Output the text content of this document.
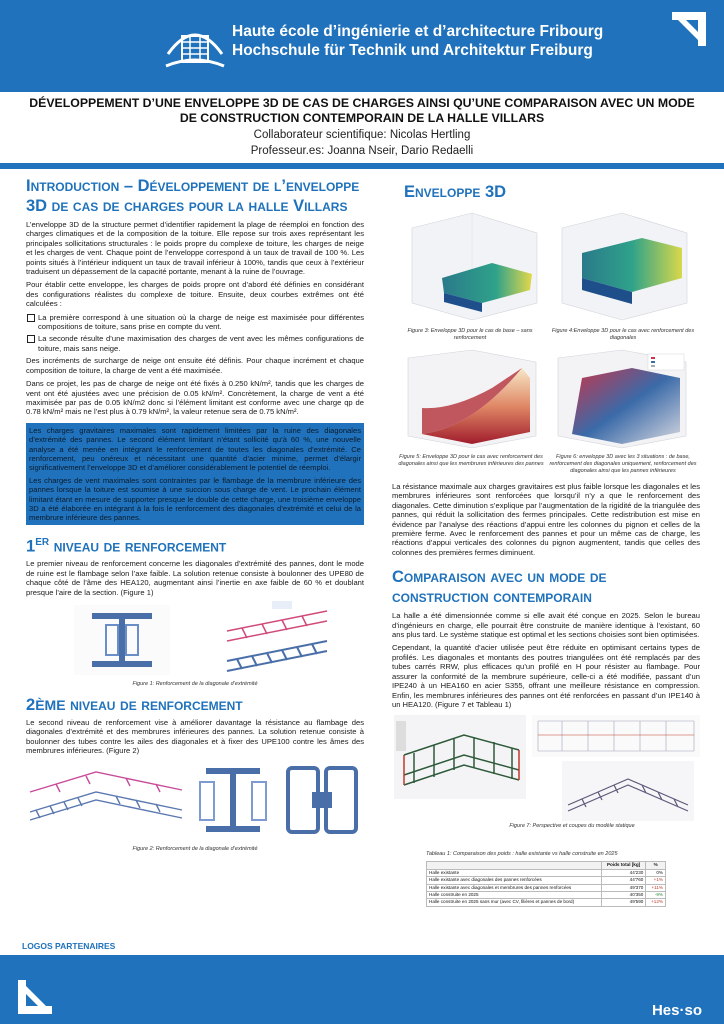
Haute école d’ingénierie et d’architecture Fribourg
Hochschule für Technik und Architektur Freiburg
DÉVELOPPEMENT D’UNE ENVELOPPE 3D DE CAS DE CHARGES AINSI QU’UNE COMPARAISON AVEC UN MODE DE CONSTRUCTION CONTEMPORAIN DE LA HALLE VILLARS
Collaborateur scientifique: Nicolas Hertling
Professeur.es: Joanna Nseir, Dario Redaelli
Introduction – Développement de l’enveloppe 3D de cas de charges pour la halle Villars
L’enveloppe 3D de la structure permet d’identifier rapidement la plage de réemploi en fonction des charges climatiques et de la composition de la toiture. Elle repose sur trois axes représentant les principales sollicitations structurales : le poids propre du complexe de toiture, les charges de neige et les charges de vent. Chaque point de l’enveloppe correspond à un taux de travail de 100 %. Les points situés à l’intérieur indiquent un taux de travail inférieur à 100%, tandis que ceux à l’extérieur traduisent un dépassement de la capacité portante, menant à la ruine de l’ouvrage.
Pour établir cette enveloppe, les charges de poids propre ont d’abord été définies en considérant des configurations réalistes du complexe de toiture. Ensuite, deux courbes extrêmes ont été calculées :
La première correspond à une situation où la charge de neige est maximisée pour différentes compositions de toiture, sans prise en compte du vent.
La seconde résulte d’une maximisation des charges de vent avec les mêmes configurations de toiture, mais sans neige.
Des incréments de surcharge de neige ont ensuite été définis. Pour chaque incrément et chaque composition de toiture, la charge de vent a été maximisée.
Dans ce projet, les pas de charge de neige ont été fixés à 0.250 kN/m², tandis que les charges de vent ont été ajustées avec une précision de 0.05 kN/m². Concrètement, la charge de vent a été maximisée par pas de 0.05 kN/m2 donc si l’élément limitant est conforme avec une charge qp de 0.78 kN/m² mais ne l’est plus à 0.79 kN/m², la valeur retenue sera de 0.75 kN/m².
Les charges gravitaires maximales sont rapidement limitées par la ruine des diagonales d’extrémité des pannes. Le second élément limitant n’étant sollicité qu’à 60 %, une nouvelle analyse a été menée en intégrant le renforcement de toutes les diagonales d’extrémité. Ce renforcement, peu onéreux et nécessitant une quantité d’acier minime, permet d’élargir significativement l’enveloppe 3D et d’améliorer considérablement le potentiel de réemploi.
Les charges de vent maximales sont contraintes par le flambage de la membrure inférieure des pannes lorsque la toiture est soumise à une succion sous charge de vent. Le prochain élément limitant étant en mesure de supporter presque le double de cette charge, une troisième enveloppe 3D a été élaborée en intégrant à la fois le renforcement des diagonales d’extrémité et celui de la membrure inférieure des pannes.
1ER niveau de renforcement
Le premier niveau de renforcement concerne les diagonales d’extrémité des pannes, dont le mode de ruine est le flambage selon l’axe faible. La solution retenue consiste à boulonner des UPE80 de chaque côté de l’âme des HEA120, augmentant ainsi l’inertie en axe faible de 60 % et doublant presque l’aire de la section. (Figure 1)
Figure 1: Renforcement de la diagonale d’extrémité
2ÈME niveau de renforcement
Le second niveau de renforcement vise à améliorer davantage la résistance au flambage des diagonales d’extrémité et des membrures inférieures des pannes. La solution retenue consiste à boulonner des tubes contre les ailes des diagonales et à fixer des UPE100 contre les âmes des membrures inférieures. (Figure 2)
Figure 2: Renforcement de la diagonale d’extrémité
Enveloppe 3D
Figure 3: Enveloppe 3D pour le cas de base – sans renforcement
Figure 4:Enveloppe 3D pour le cas avec renforcement des diagonales
Figure 5: Enveloppe 3D pour le cas avec renforcement des diagonales ainsi que les membrures inférieures des pannes
Figure 6: enveloppe 3D avec les 3 situations : de base, renforcement des diagonales uniquement, renforcement des diagonales ainsi que les pannes inférieures
La résistance maximale aux charges gravitaires est plus faible lorsque les diagonales et les membrures inférieures sont renforcées que lorsqu’il n’y a que le renforcement des diagonales. Cette diminution s’explique par l’augmentation de la rigidité de la triangulée des pannes, qui réduit la sollicitation des fermes principales. Cette redistribution est mise en évidence par l’analyse des réactions d’appui entre les colonnes du pignon et celles de la première ferme. Avec le renforcement des pannes et pour un même cas de charge, les réactions d’appui verticales des colonnes du pignon augmentent, tandis que celles des colonnes des premières fermes diminuent.
Comparaison avec un mode de construction contemporain
La halle a été dimensionnée comme si elle avait été conçue en 2025. Selon le bureau d’ingénieurs en charge, elle pourrait être construite de manière identique à l’existant, 60 ans plus tard. Le système statique est optimal et les sections choisies sont bien optimisées.
Cependant, la quantité d’acier utilisée peut être réduite en optimisant certains types de profilés. Les diagonales et montants des poutres triangulées ont été remplacés par des tubes carrés RRW, plus efficaces qu’un profilé en H pour résister au flambage. Pour assurer la conformité de la membrure supérieure, celle-ci a été modifiée, passant d’un IPE240 à un HEA160 en acier S355, offrant une meilleure résistance en compression. Enfin, les membrures inférieures des pannes ont été renforcées en passant d’un IPE140 à un HEA120. (Figure 7 et Tableau 1)
Figure 7: Perspective et coupes du modèle statique
Tableau 1: Comparaison des poids : halle existante vs halle construite en 2025
	Poids total [kg]	%
Halle existante	44'230	0%
Halle existante avec diagonales des pannes renforcées	44'760	+1%
Halle existante avec diagonales et membrures des pannes renforcées	49'370	+11%
Halle construite en 2025	40'350	-9%
Halle construite en 2025 sans mur (avec CV, filières et pannes de bord)	49'590	+12%
LOGOS PARTENAIRES
Hes·so
